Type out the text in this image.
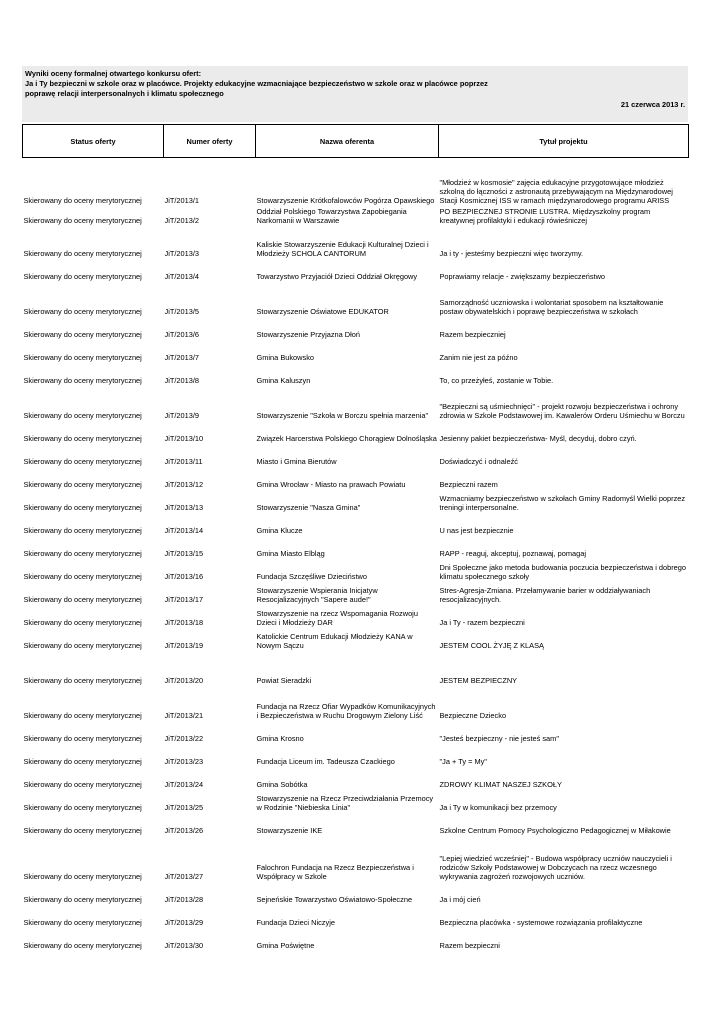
Wyniki oceny formalnej otwartego konkursu ofert:
Ja i Ty bezpieczni w szkole oraz w placówce. Projekty edukacyjne wzmacniające bezpieczeństwo w szkole oraz w placówce poprzez
poprawę relacji interpersonalnych i klimatu społecznego
21 czerwca 2013 r.
Status oferty	Numer oferty	Nazwa oferenta	Tytuł projektu
Skierowany do oceny merytorycznej	JiT/2013/1	Stowarzyszenie Krótkofalowców Pogórza Opawskiego	"Młodzież w kosmosie" zajęcia edukacyjne przygotowujące młodzież szkolną do łączności z astronautą przebywającym na Międzynarodowej Stacji Kosmicznej ISS w ramach międzynarodowego programu ARISS
Skierowany do oceny merytorycznej	JiT/2013/2	Oddział Polskiego Towarzystwa Zapobiegania Narkomanii w Warszawie	PO BEZPIECZNEJ STRONIE LUSTRA. Międzyszkolny program kreatywnej profilaktyki i edukacji rówieśniczej
Skierowany do oceny merytorycznej	JiT/2013/3	Kaliskie Stowarzyszenie Edukacji Kulturalnej Dzieci i Młodzieży SCHOLA CANTORUM	Ja i ty - jesteśmy bezpieczni więc tworzymy.
Skierowany do oceny merytorycznej	JiT/2013/4	Towarzystwo Przyjaciół Dzieci Oddział Okręgowy	Poprawiamy relacje - zwiększamy bezpieczeństwo
Skierowany do oceny merytorycznej	JiT/2013/5	Stowarzyszenie Oświatowe EDUKATOR	Samorządność uczniowska i wolontariat sposobem na kształtowanie postaw obywatelskich i poprawę bezpieczeństwa w szkołach
Skierowany do oceny merytorycznej	JiT/2013/6	Stowarzyszenie Przyjazna Dłoń	Razem bezpieczniej
Skierowany do oceny merytorycznej	JiT/2013/7	Gmina Bukowsko	Zanim nie jest za późno
Skierowany do oceny merytorycznej	JiT/2013/8	Gmina Kaluszyn	To, co przeżyłeś, zostanie w Tobie.
Skierowany do oceny merytorycznej	JiT/2013/9	Stowarzyszenie "Szkoła w Borczu spełnia marzenia"	"Bezpieczni są uśmiechnięci" - projekt rozwoju bezpieczeństwa i ochrony zdrowia w Szkole Podstawowej im. Kawalerów Orderu Uśmiechu w Borczu
Skierowany do oceny merytorycznej	JiT/2013/10	Związek Harcerstwa Polskiego Chorągiew Dolnośląska	Jesienny pakiet bezpieczeństwa- Myśl, decyduj, dobro czyń.
Skierowany do oceny merytorycznej	JiT/2013/11	Miasto i Gmina Bierutów	Doświadczyć i odnaleźć
Skierowany do oceny merytorycznej	JiT/2013/12	Gmina Wrocław - Miasto na prawach Powiatu	Bezpieczni razem
Skierowany do oceny merytorycznej	JiT/2013/13	Stowarzyszenie "Nasza Gmina"	Wzmacniamy bezpieczeństwo w szkołach Gminy Radomyśl Wielki poprzez treningi interpersonalne.
Skierowany do oceny merytorycznej	JiT/2013/14	Gmina Klucze	U nas jest bezpiecznie
Skierowany do oceny merytorycznej	JiT/2013/15	Gmina Miasto Elbląg	RAPP - reaguj, akceptuj, poznawaj, pomagaj
Skierowany do oceny merytorycznej	JiT/2013/16	Fundacja Szczęśliwe Dzieciństwo	Dni Społeczne jako metoda budowania poczucia bezpieczeństwa i dobrego klimatu społecznego szkoły
Skierowany do oceny merytorycznej	JiT/2013/17	Stowarzyszenie Wspierania Inicjatyw Resocjalizacyjnych "Sapere aude!"	Stres-Agresja-Zmiana. Przełamywanie barier w oddziaływaniach resocjalizacyjnych.
Skierowany do oceny merytorycznej	JiT/2013/18	Stowarzyszenie na rzecz Wspomagania Rozwoju Dzieci i Młodzieży DAR	Ja i Ty - razem bezpieczni
Skierowany do oceny merytorycznej	JiT/2013/19	Katolickie Centrum Edukacji Młodzieży KANA w Nowym Sączu	JESTEM COOL ŻYJĘ Z KLASĄ
Skierowany do oceny merytorycznej	JiT/2013/20	Powiat Sieradzki	JESTEM BEZPIECZNY
Skierowany do oceny merytorycznej	JiT/2013/21	Fundacja na Rzecz Ofiar Wypadków Komunikacyjnych i Bezpieczeństwa w Ruchu Drogowym Zielony Liść	Bezpieczne Dziecko
Skierowany do oceny merytorycznej	JiT/2013/22	Gmina Krosno	"Jesteś bezpieczny - nie jesteś sam"
Skierowany do oceny merytorycznej	JiT/2013/23	Fundacja Liceum im. Tadeusza Czackiego	"Ja + Ty = My"
Skierowany do oceny merytorycznej	JiT/2013/24	Gmina Sobótka	ZDROWY KLIMAT NASZEJ SZKOŁY
Skierowany do oceny merytorycznej	JiT/2013/25	Stowarzyszenie na Rzecz Przeciwdziałania Przemocy w Rodzinie "Niebieska Linia"	Ja i Ty w komunikacji bez przemocy
Skierowany do oceny merytorycznej	JiT/2013/26	Stowarzyszenie IKE	Szkolne Centrum Pomocy Psychologiczno Pedagogicznej w Miłakowie
Skierowany do oceny merytorycznej	JiT/2013/27	Falochron Fundacja na Rzecz Bezpieczeństwa i Współpracy w Szkole	"Lepiej wiedzieć wcześniej" - Budowa współpracy uczniów nauczycieli i rodziców Szkoły Podstawowej w Dobczycach na rzecz wczesnego wykrywania zagrożeń rozwojowych uczniów.
Skierowany do oceny merytorycznej	JiT/2013/28	Sejneńskie Towarzystwo Oświatowo-Społeczne	Ja i mój cień
Skierowany do oceny merytorycznej	JiT/2013/29	Fundacja Dzieci Niczyje	Bezpieczna placówka - systemowe rozwiązania profilaktyczne
Skierowany do oceny merytorycznej	JiT/2013/30	Gmina Poświętne	Razem bezpieczni
